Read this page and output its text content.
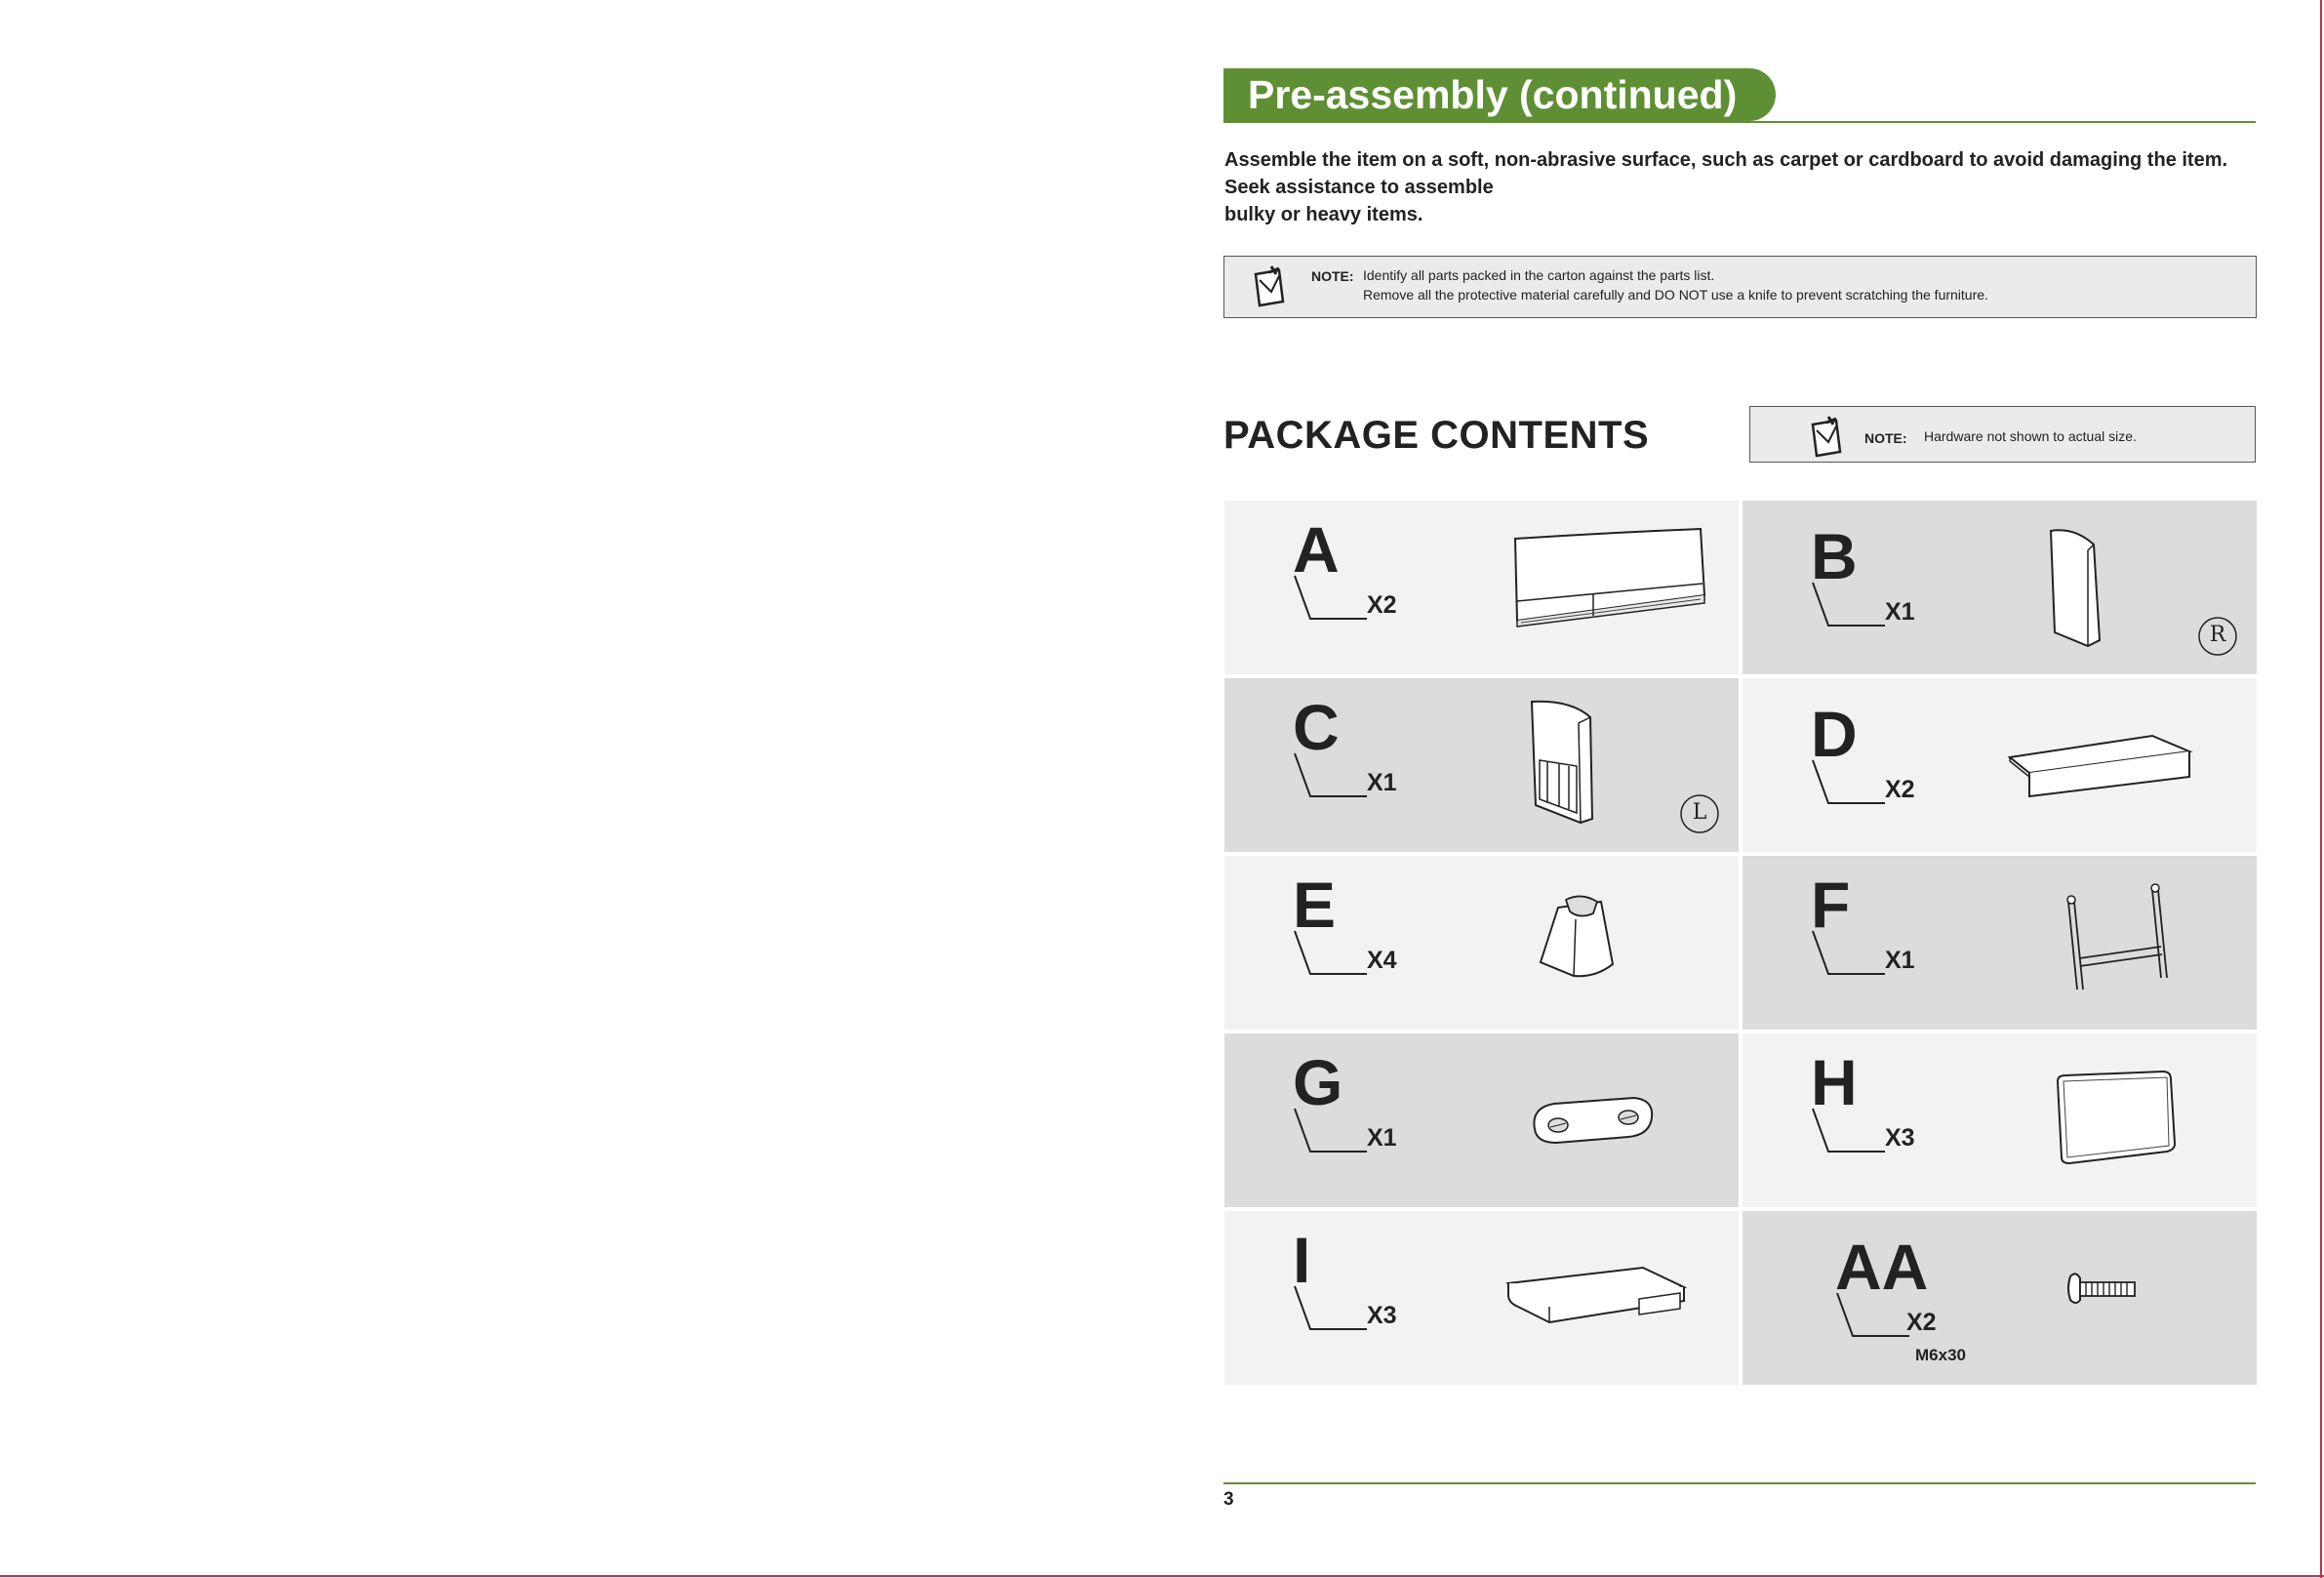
Pre-assembly (continued)
Assemble the item on a soft, non-abrasive surface, such as carpet or cardboard to avoid damaging the item.
Seek assistance to assemble
bulky or heavy items.
NOTE: Identify all parts packed in the carton against the parts list.
Remove all the protective material carefully and DO NOT use a knife to prevent scratching the furniture.
PACKAGE CONTENTS	NOTE: Hardware not shown to actual size.
A
X2
B
X1
R
C
X1
L
D
X2
E
X4
F
X1
G
X1
H
X3
I
X3
AA
X2
M6x30
3
